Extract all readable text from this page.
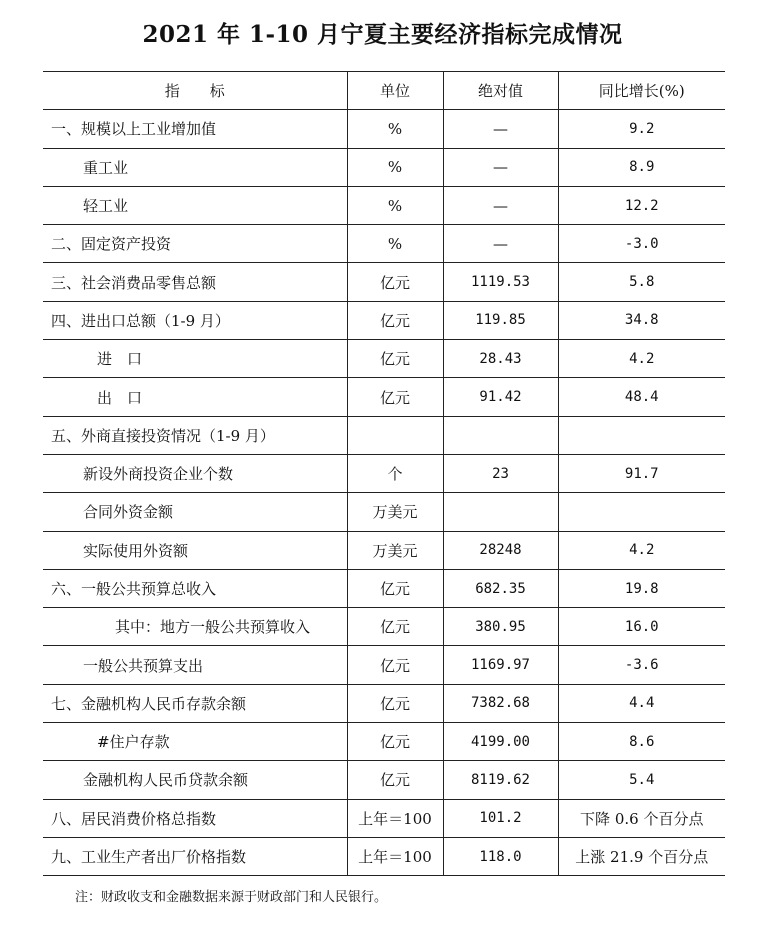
2021 年 1-10 月宁夏主要经济指标完成情况
指　　标	单位	绝对值	同比增长(%)
一、规模以上工业增加值	%	—	9.2
重工业	%	—	8.9
轻工业	%	—	12.2
二、固定资产投资	%	—	-3.0
三、社会消费品零售总额	亿元	1119.53	5.8
四、进出口总额（1-9 月）	亿元	119.85	34.8
进　口	亿元	28.43	4.2
出　口	亿元	91.42	48.4
五、外商直接投资情况（1-9 月）			
新设外商投资企业个数	个	23	91.7
合同外资金额	万美元		
实际使用外资额	万美元	28248	4.2
六、一般公共预算总收入	亿元	682.35	19.8
其中：地方一般公共预算收入	亿元	380.95	16.0
一般公共预算支出	亿元	1169.97	-3.6
七、金融机构人民币存款余额	亿元	7382.68	4.4
#住户存款	亿元	4199.00	8.6
金融机构人民币贷款余额	亿元	8119.62	5.4
八、居民消费价格总指数	上年＝100	101.2	下降 0.6 个百分点
九、工业生产者出厂价格指数	上年＝100	118.0	上涨 21.9 个百分点
注：财政收支和金融数据来源于财政部门和人民银行。
